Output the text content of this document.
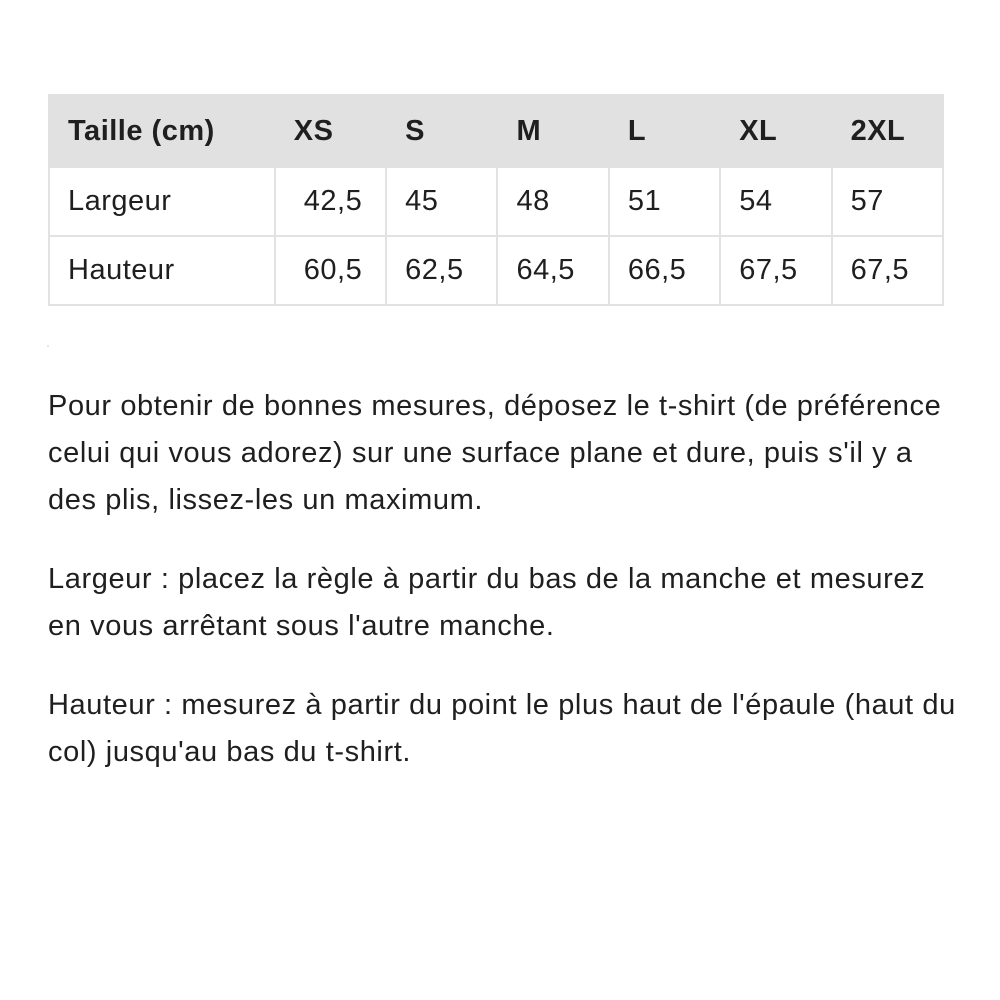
Taille (cm)	XS	S	M	L	XL	2XL
Largeur	42,5	45	48	51	54	57
Hauteur	60,5	62,5	64,5	66,5	67,5	67,5

Pour obtenir de bonnes mesures, déposez le t-shirt (de préférence celui qui vous adorez) sur une surface plane et dure, puis s'il y a des plis, lissez-les un maximum.

Largeur : placez la règle à partir du bas de la manche et mesurez en vous arrêtant sous l'autre manche.

Hauteur : mesurez à partir du point le plus haut de l'épaule (haut du col) jusqu'au bas du t-shirt.
